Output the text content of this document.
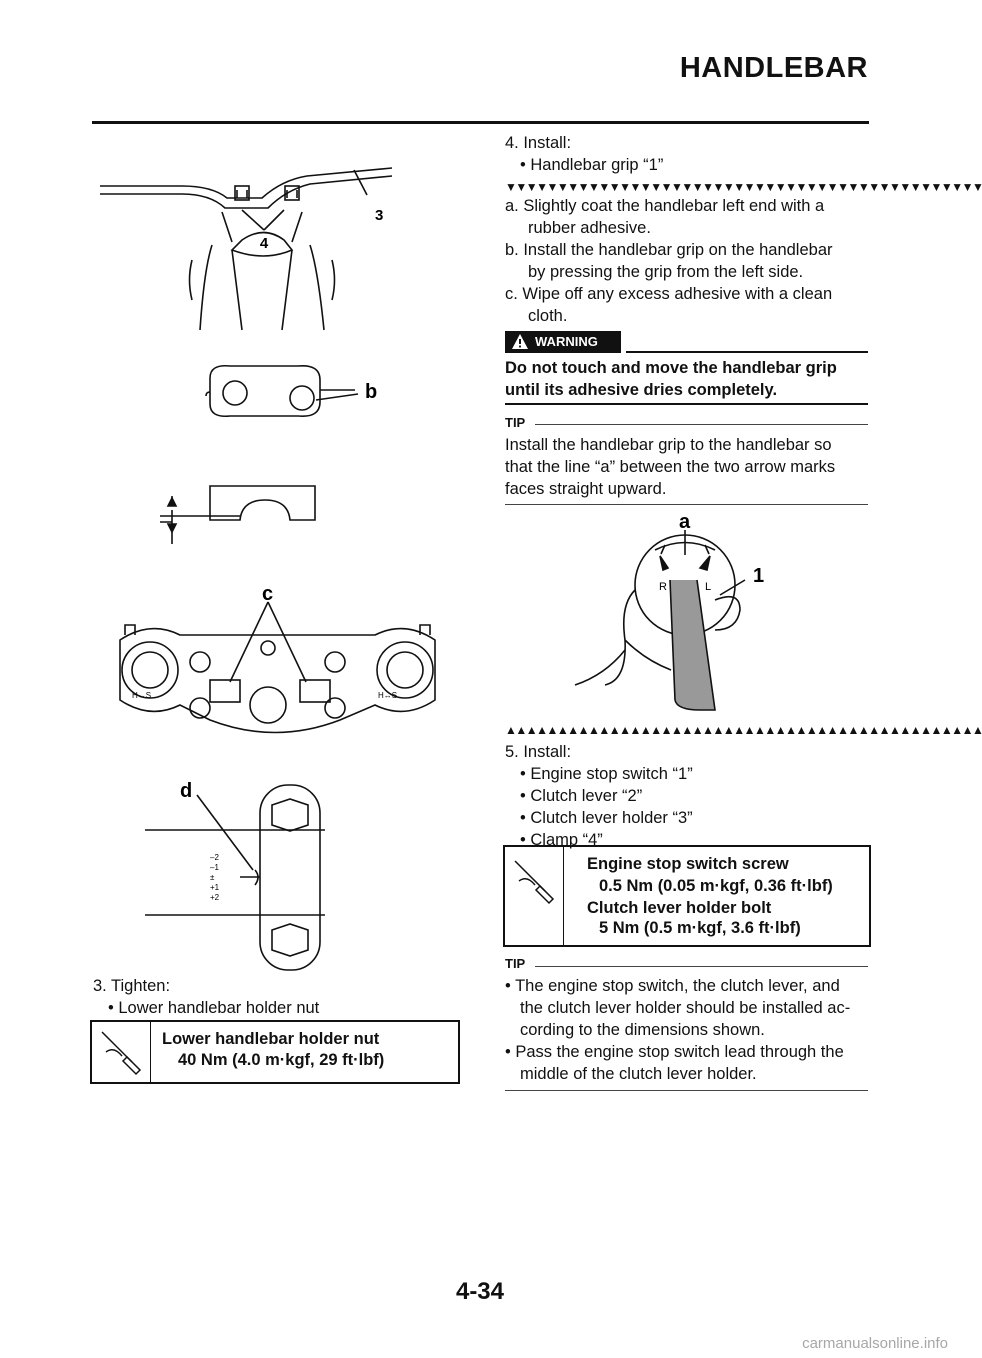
HANDLEBAR
4
3
b
H↔S	H↔S
c
–2
–1
±
+1
+2
d
3. Tighten:
• Lower handlebar holder nut
Lower handlebar holder nut
40 Nm (4.0 m·kgf, 29 ft·lbf)
4. Install:
• Handlebar grip “1”
▼▼▼▼▼▼▼▼▼▼▼▼▼▼▼▼▼▼▼▼▼▼▼▼▼▼▼▼▼▼▼▼▼▼▼▼▼▼▼▼▼▼▼▼▼▼
a. Slightly coat the handlebar left end with a
rubber adhesive.
b. Install the handlebar grip on the handlebar
by pressing the grip from the left side.
c. Wipe off any excess adhesive with a clean
cloth.
WARNING
Do not touch and move the handlebar grip
until its adhesive dries completely.
TIP
Install the handlebar grip to the handlebar so
that the line “a” between the two arrow marks
faces straight upward.
a
1
R	L
▲▲▲▲▲▲▲▲▲▲▲▲▲▲▲▲▲▲▲▲▲▲▲▲▲▲▲▲▲▲▲▲▲▲▲▲▲▲▲▲▲▲▲▲▲▲
5. Install:
• Engine stop switch “1”
• Clutch lever “2”
• Clutch lever holder “3”
• Clamp “4”
Engine stop switch screw
0.5 Nm (0.05 m·kgf, 0.36 ft·lbf)
Clutch lever holder bolt
5 Nm (0.5 m·kgf, 3.6 ft·lbf)
TIP
• The engine stop switch, the clutch lever, and
the clutch lever holder should be installed ac-
cording to the dimensions shown.
• Pass the engine stop switch lead through the
middle of the clutch lever holder.
4-34
carmanualsonline.info
